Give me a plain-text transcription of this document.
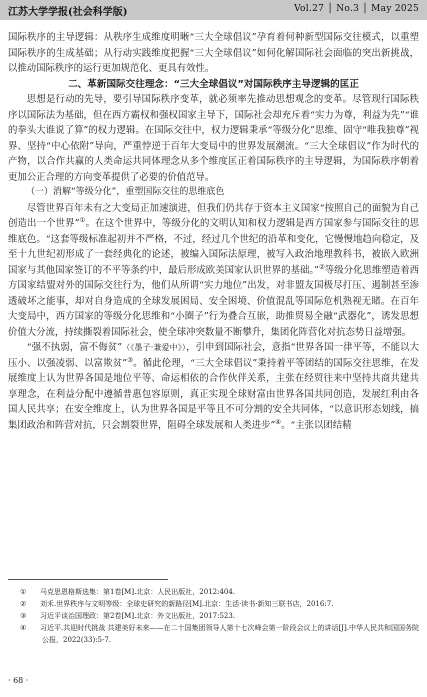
江苏大学学报(社会科学版)	Vol.27 │ No.3 │ May 2025

国际秩序的主导逻辑：从秩序生成维度明晰“三大全球倡议”孕育着何种新型国际交往模式，以重塑国际秩序的生成基础；从行动实践维度把握“三大全球倡议”如何化解国际社会面临的突出新挑战，以推动国际秩序的运行更加规范化、更具有效性。

二、革新国际交往理念：“三大全球倡议”对国际秩序主导逻辑的匡正

思想是行动的先导，要引导国际秩序变革，就必须率先推动思想观念的变革。尽管现行国际秩序以国际法为基础，但在西方霸权和强权国家主导下，国际社会却充斥着“实力为尊，利益为先”“谁的拳头大谁说了算”的权力逻辑。在国际交往中，权力逻辑秉承“等级分化”思维、固守“唯我独尊”视界、坚持“中心依附”导向，严重悖逆于百年大变局中的世界发展潮流。“三大全球倡议”作为时代的产物，以合作共赢的人类命运共同体理念从多个维度匡正着国际秩序的主导逻辑，为国际秩序朝着更加公正合理的方向变革提供了必要的价值范导。

（一）消解“等级分化”，重塑国际交往的思维底色

尽管世界百年未有之大变局正加速演进，但我们仍共存于资本主义国家“按照自己的面貌为自己创造出一个世界”①。在这个世界中，等级分化的文明认知和权力逻辑是西方国家参与国际交往的思维底色。“这套等级标准起初并不严格，不过，经过几个世纪的沿革和变化，它慢慢地趋向稳定，及至十九世纪初形成了一套经典化的论述，被编入国际法原理，被写入政治地理教科书，被嵌入欧洲国家与其他国家签订的不平等条约中，最后形成欧美国家认识世界的基础。”②等级分化思维塑造着西方国家结盟对外的国际交往行为，他们从所谓“实力地位”出发，对非盟友国极尽打压、遏制甚至渗透破坏之能事，却对自身造成的全球发展困局、安全困境、价值混乱等国际危机熟视无睹。在百年大变局中，西方国家的等级分化思维和“小圈子”行为叠合互嵌，助推贸易全融“武器化”，诱发思想价值大分流，持续撕裂着国际社会，使全球冲突数量不断攀升，集团化阵营化对抗态势日益增强。

“强不执弱，富不侮贫”（《墨子·兼爱中》），引申到国际社会，意指“世界各国一律平等，不能以大压小、以强凌弱、以富欺贫”③。循此伦理，“三大全球倡议”秉持着平等团结的国际交往思维，在发展维度上认为世界各国是地位平等、命运相依的合作伙伴关系，主张在经贸往来中坚持共商共建共享理念，在利益分配中遵循普惠包容原则，真正实现全球财富由世界各国共同创造，发展红利由各国人民共享；在安全维度上，认为世界各国是平等且不可分割的安全共同体，“以意识形态划线，搞集团政治和阵营对抗，只会割裂世界，阻碍全球发展和人类进步”④。“主张以团结精

① 马克思恩格斯选集：第1卷[M].北京：人民出版社，2012:404.

② 刘禾.世界秩序与文明等级：全球史研究的新路径[M].北京：生活·读书·新知三联书店，2016:7.

③ 习近平谈治国理政：第2卷[M].北京：外文出版社，2017:523.

④ 习近平.共迎时代挑战 共建美好未来——在二十国集团领导人第十七次峰会第一阶段会议上的讲话[J].中华人民共和国国务院公报，2022(33):5-7.

· 68 ·
